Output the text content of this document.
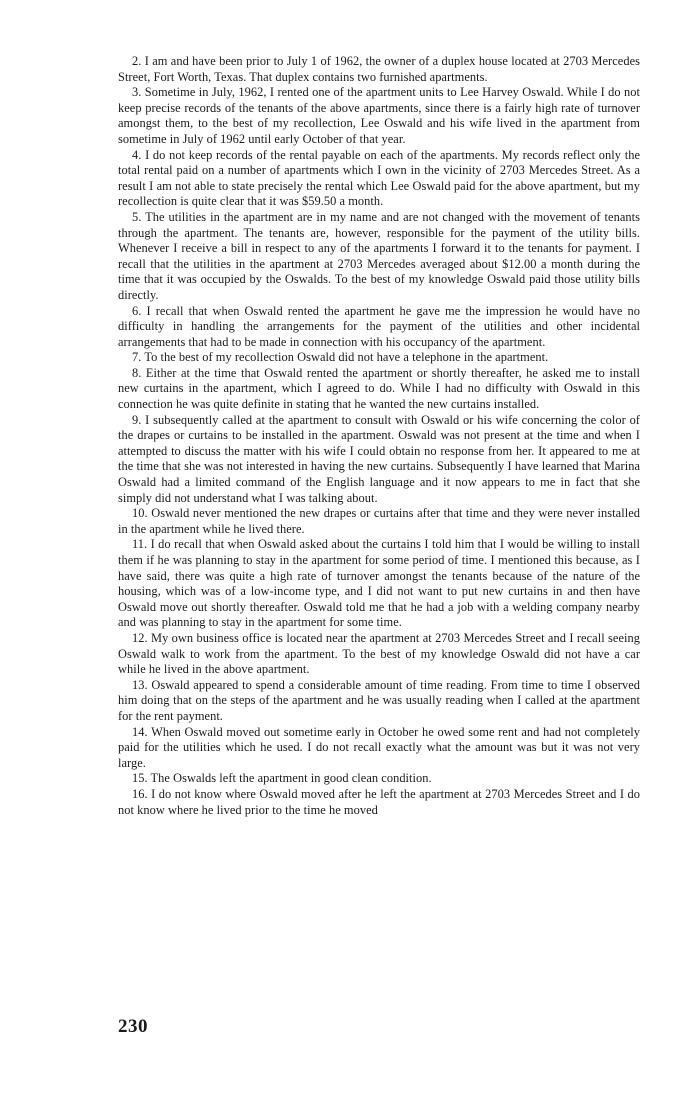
2. I am and have been prior to July 1 of 1962, the owner of a duplex house located at 2703 Mercedes Street, Fort Worth, Texas. That duplex contains two furnished apartments.

3. Sometime in July, 1962, I rented one of the apartment units to Lee Harvey Oswald. While I do not keep precise records of the tenants of the above apartments, since there is a fairly high rate of turnover amongst them, to the best of my recollection, Lee Oswald and his wife lived in the apartment from sometime in July of 1962 until early October of that year.

4. I do not keep records of the rental payable on each of the apartments. My records reflect only the total rental paid on a number of apartments which I own in the vicinity of 2703 Mercedes Street. As a result I am not able to state precisely the rental which Lee Oswald paid for the above apartment, but my recollection is quite clear that it was $59.50 a month.

5. The utilities in the apartment are in my name and are not changed with the movement of tenants through the apartment. The tenants are, however, responsible for the payment of the utility bills. Whenever I receive a bill in respect to any of the apartments I forward it to the tenants for payment. I recall that the utilities in the apartment at 2703 Mercedes averaged about $12.00 a month during the time that it was occupied by the Oswalds. To the best of my knowledge Oswald paid those utility bills directly.

6. I recall that when Oswald rented the apartment he gave me the impression he would have no difficulty in handling the arrangements for the payment of the utilities and other incidental arrangements that had to be made in connection with his occupancy of the apartment.

7. To the best of my recollection Oswald did not have a telephone in the apartment.

8. Either at the time that Oswald rented the apartment or shortly thereafter, he asked me to install new curtains in the apartment, which I agreed to do. While I had no difficulty with Oswald in this connection he was quite definite in stating that he wanted the new curtains installed.

9. I subsequently called at the apartment to consult with Oswald or his wife concerning the color of the drapes or curtains to be installed in the apartment. Oswald was not present at the time and when I attempted to discuss the matter with his wife I could obtain no response from her. It appeared to me at the time that she was not interested in having the new curtains. Subsequently I have learned that Marina Oswald had a limited command of the English language and it now appears to me in fact that she simply did not understand what I was talking about.

10. Oswald never mentioned the new drapes or curtains after that time and they were never installed in the apartment while he lived there.

11. I do recall that when Oswald asked about the curtains I told him that I would be willing to install them if he was planning to stay in the apartment for some period of time. I mentioned this because, as I have said, there was quite a high rate of turnover amongst the tenants because of the nature of the housing, which was of a low-income type, and I did not want to put new curtains in and then have Oswald move out shortly thereafter. Oswald told me that he had a job with a welding company nearby and was planning to stay in the apartment for some time.

12. My own business office is located near the apartment at 2703 Mercedes Street and I recall seeing Oswald walk to work from the apartment. To the best of my knowledge Oswald did not have a car while he lived in the above apartment.

13. Oswald appeared to spend a considerable amount of time reading. From time to time I observed him doing that on the steps of the apartment and he was usually reading when I called at the apartment for the rent payment.

14. When Oswald moved out sometime early in October he owed some rent and had not completely paid for the utilities which he used. I do not recall exactly what the amount was but it was not very large.

15. The Oswalds left the apartment in good clean condition.

16. I do not know where Oswald moved after he left the apartment at 2703 Mercedes Street and I do not know where he lived prior to the time he moved

230
